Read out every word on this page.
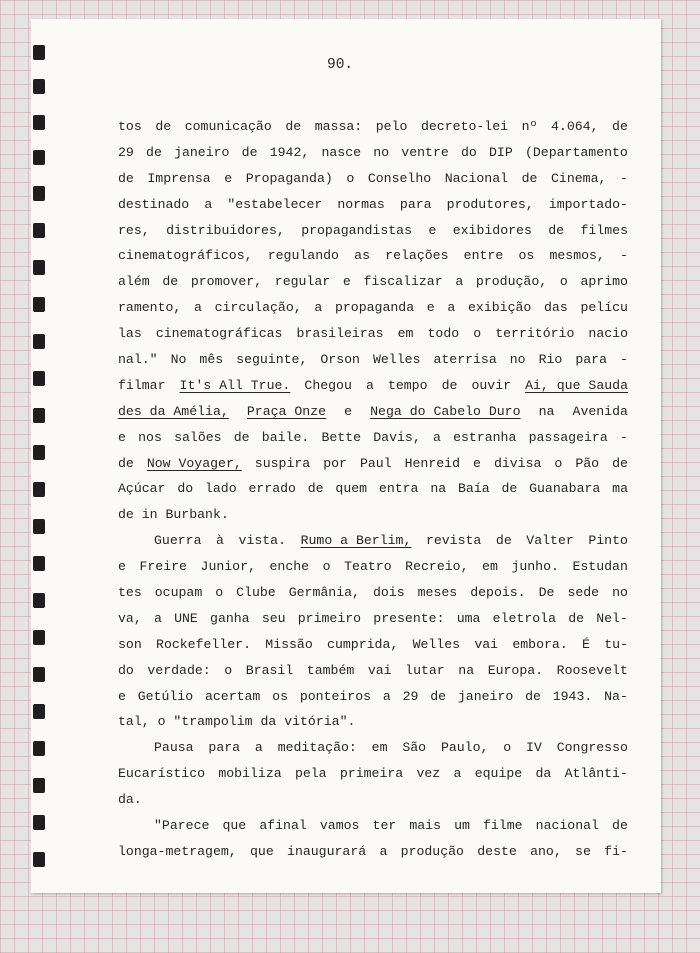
90.
tos de comunicação de massa: pelo decreto-lei nº 4.064, de
29 de janeiro de 1942, nasce no ventre do DIP (Departamento
de Imprensa e Propaganda) o Conselho Nacional de Cinema, -
destinado a "estabelecer normas para produtores, importado-
res, distribuidores, propagandistas e exibidores de filmes
cinematográficos, regulando as relações entre os mesmos, -
além de promover, regular e fiscalizar a produção, o aprimo
ramento, a circulação, a propaganda e a exibição das pelícu
las cinematográficas brasileiras em todo o território nacio
nal." No mês seguinte, Orson Welles aterrisa no Rio para -
filmar It's All True. Chegou a tempo de ouvir Ai, que Sauda
des da Amélia, Praça Onze e Nega do Cabelo Duro na Avenida
e nos salões de baile. Bette Davis, a estranha passageira -
de Now Voyager, suspira por Paul Henreid e divisa o Pão de
Açúcar do lado errado de quem entra na Baía de Guanabara ma
de in Burbank.
Guerra à vista. Rumo a Berlim, revista de Valter Pinto
e Freire Junior, enche o Teatro Recreio, em junho. Estudan
tes ocupam o Clube Germânia, dois meses depois. De sede no
va, a UNE ganha seu primeiro presente: uma eletrola de Nel-
son Rockefeller. Missão cumprida, Welles vai embora. É tu-
do verdade: o Brasil também vai lutar na Europa. Roosevelt
e Getúlio acertam os ponteiros a 29 de janeiro de 1943. Na-
tal, o "trampolim da vitória".
Pausa para a meditação: em São Paulo, o IV Congresso
Eucarístico mobiliza pela primeira vez a equipe da Atlânti-
da.
"Parece que afinal vamos ter mais um filme nacional de
longa-metragem, que inaugurará a produção deste ano, se fi-
